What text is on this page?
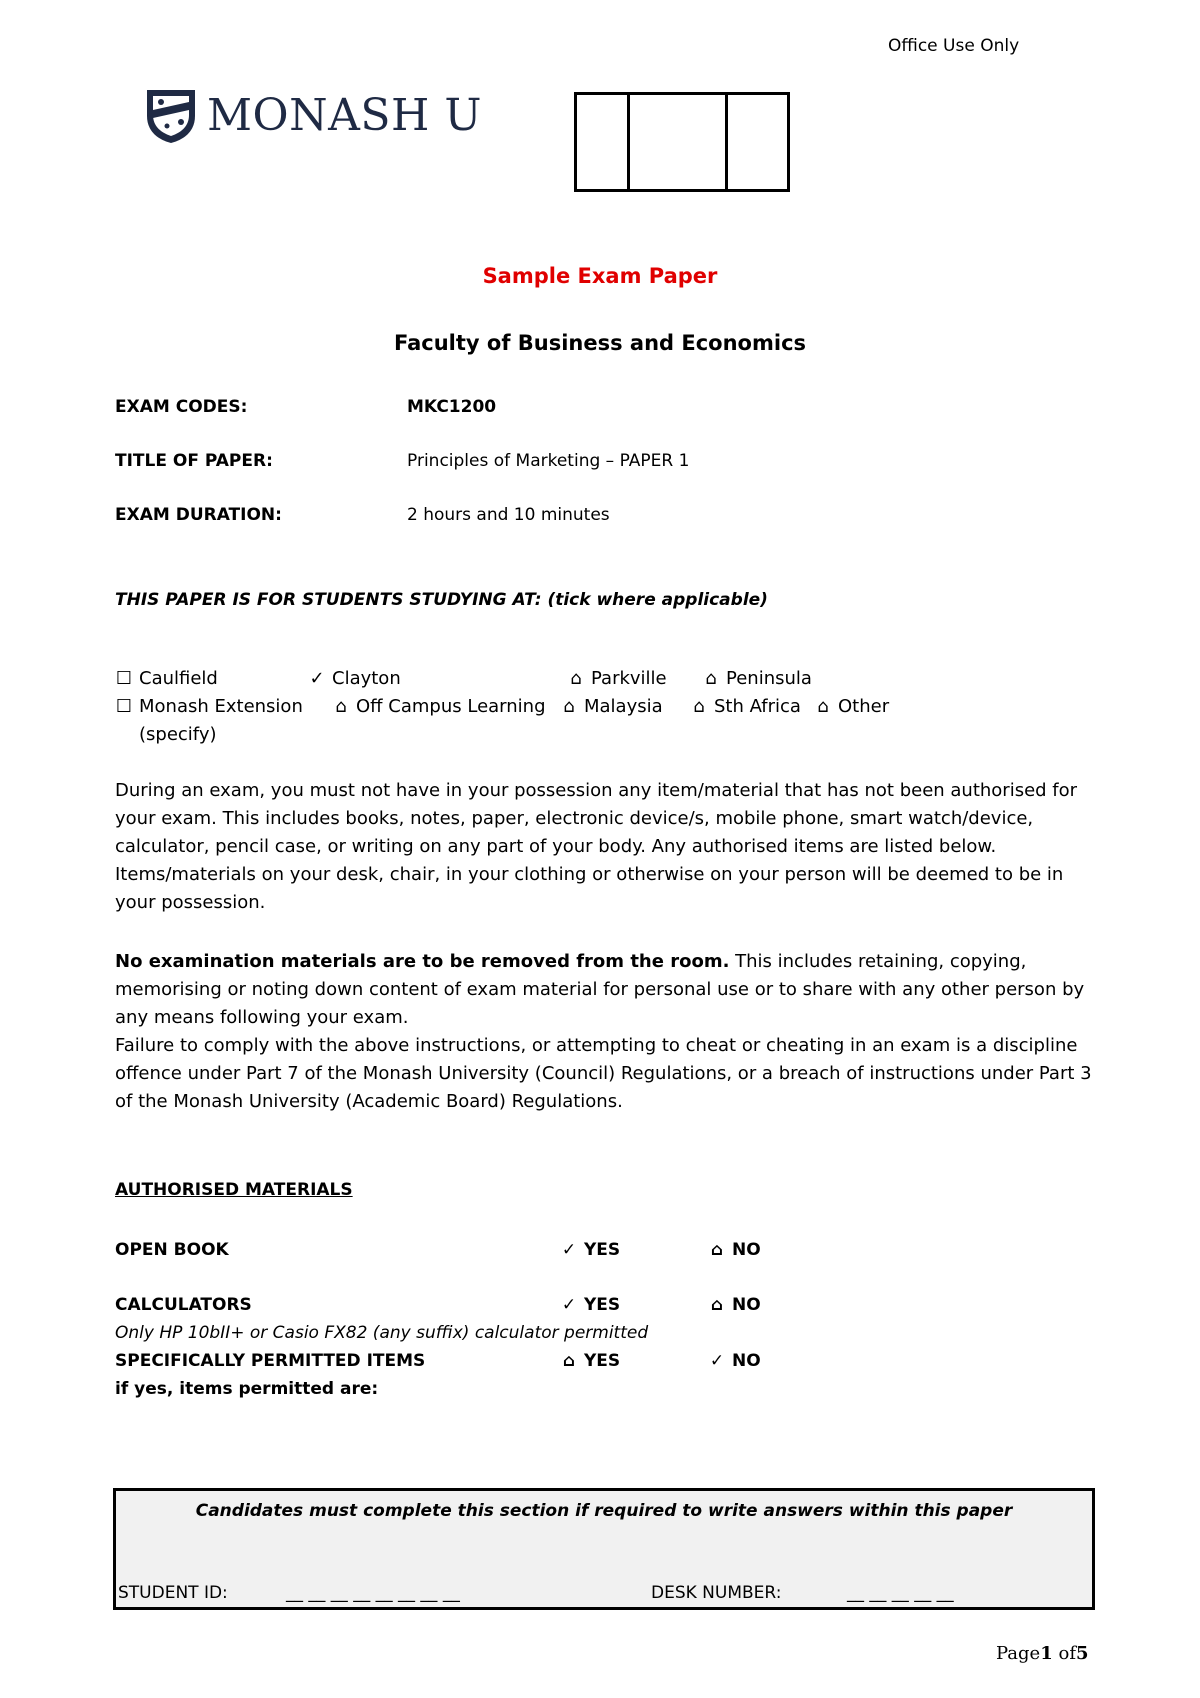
Office Use Only
MONASH U
Sample Exam Paper
Faculty of Business and Economics
EXAM CODES:	MKC1200
TITLE OF PAPER:	Principles of Marketing – PAPER 1
EXAM DURATION:	2 hours and 10 minutes
THIS PAPER IS FOR STUDENTS STUDYING AT: (tick where applicable)
☐ Caulfield	✓ Clayton	⌂ Parkville ⌂ Peninsula
☐ Monash Extension ⌂ Off Campus Learning ⌂ Malaysia ⌂ Sth Africa ⌂ Other
(specify)

During an exam, you must not have in your possession any item/material that has not been authorised for your exam. This includes books, notes, paper, electronic device/s, mobile phone, smart watch/device, calculator, pencil case, or writing on any part of your body. Any authorised items are listed below. Items/materials on your desk, chair, in your clothing or otherwise on your person will be deemed to be in your possession.

No examination materials are to be removed from the room. This includes retaining, copying, memorising or noting down content of exam material for personal use or to share with any other person by any means following your exam.

Failure to comply with the above instructions, or attempting to cheat or cheating in an exam is a discipline offence under Part 7 of the Monash University (Council) Regulations, or a breach of instructions under Part 3 of the Monash University (Academic Board) Regulations.

AUTHORISED MATERIALS
OPEN BOOK	✓ YES	⌂ NO
CALCULATORS	✓ YES	⌂ NO
Only HP 10bII+ or Casio FX82 (any suffix) calculator permitted
SPECIFICALLY PERMITTED ITEMS	⌂ YES	✓ NO
if yes, items permitted are:
Candidates must complete this section if required to write answers within this paper
STUDENT ID:	__ __ __ __ __ __ __ __	DESK NUMBER:	__ __ __ __ __
Page1 of5
